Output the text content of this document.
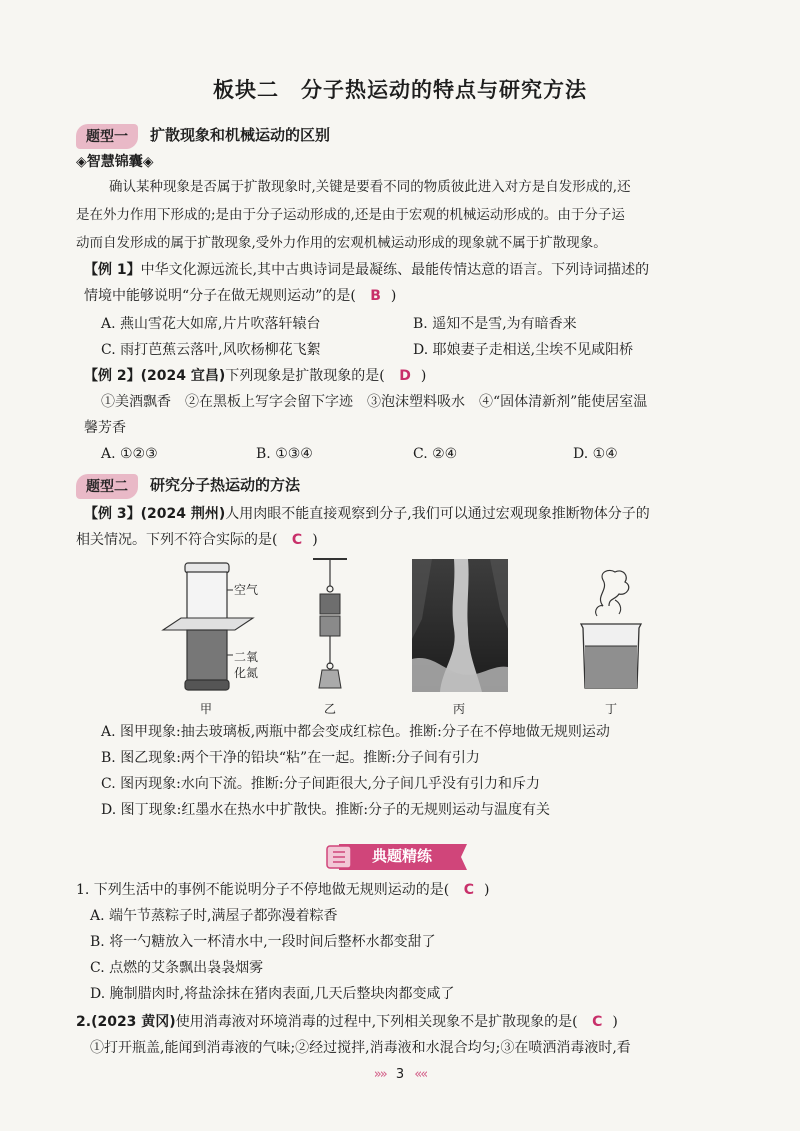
板块二　分子热运动的特点与研究方法
题型一	扩散现象和机械运动的区别
◈智慧锦囊◈
确认某种现象是否属于扩散现象时,关键是要看不同的物质彼此进入对方是自发形成的,还
是在外力作用下形成的;是由于分子运动形成的,还是由于宏观的机械运动形成的。由于分子运
动而自发形成的属于扩散现象,受外力作用的宏观机械运动形成的现象就不属于扩散现象。
【例 1】中华文化源远流长,其中古典诗词是最凝练、最能传情达意的语言。下列诗词描述的
情境中能够说明“分子在做无规则运动”的是( B )
A. 燕山雪花大如席,片片吹落轩辕台	B. 遥知不是雪,为有暗香来
C. 雨打芭蕉云落叶,风吹杨柳花飞絮	D. 耶娘妻子走相送,尘埃不见咸阳桥
【例 2】(2024 宜昌)下列现象是扩散现象的是( D )
①美酒飘香　②在黑板上写字会留下字迹　③泡沫塑料吸水　④“固体清新剂”能使居室温
馨芳香
A. ①②③	B. ①③④	C. ②④	D. ①④
题型二	研究分子热运动的方法
【例 3】(2024 荆州)人用肉眼不能直接观察到分子,我们可以通过宏观现象推断物体分子的
相关情况。下列不符合实际的是( C )
空气
二氧
化氮
甲	乙	丙	丁
A. 图甲现象:抽去玻璃板,两瓶中都会变成红棕色。推断:分子在不停地做无规则运动
B. 图乙现象:两个干净的铅块“粘”在一起。推断:分子间有引力
C. 图丙现象:水向下流。推断:分子间距很大,分子间几乎没有引力和斥力
D. 图丁现象:红墨水在热水中扩散快。推断:分子的无规则运动与温度有关
典题精练
1. 下列生活中的事例不能说明分子不停地做无规则运动的是( C )
A. 端午节蒸粽子时,满屋子都弥漫着粽香
B. 将一勺糖放入一杯清水中,一段时间后整杯水都变甜了
C. 点燃的艾条飘出袅袅烟雾
D. 腌制腊肉时,将盐涂抹在猪肉表面,几天后整块肉都变咸了
2.(2023 黄冈)使用消毒液对环境消毒的过程中,下列相关现象不是扩散现象的是( C )
①打开瓶盖,能闻到消毒液的气味;②经过搅拌,消毒液和水混合均匀;③在喷洒消毒液时,看
»» 3 ««
